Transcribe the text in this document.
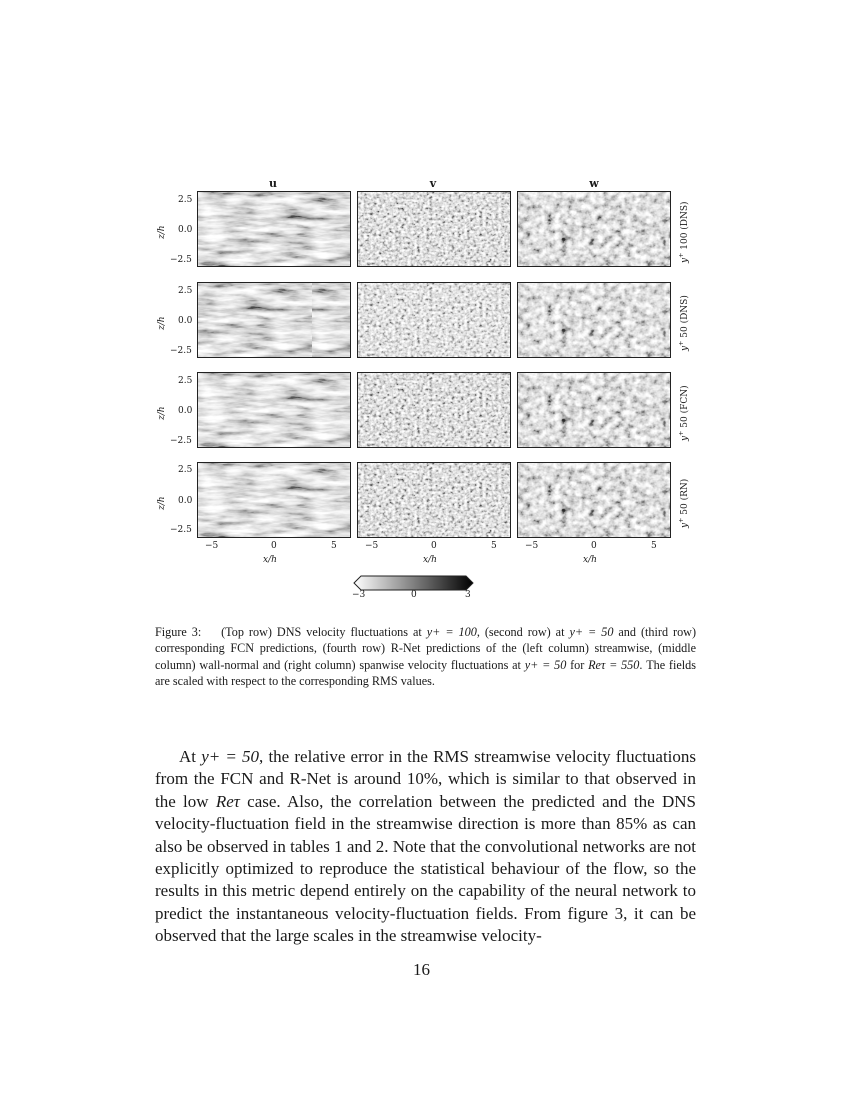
u	v	w
z/h
2.5
0.0
−2.5	y+ 100 (DNS)
z/h
2.5
0.0
−2.5	y+ 50 (DNS)
z/h
2.5
0.0
−2.5	y+ 50 (FCN)
z/h
2.5
0.0
−2.5	y+ 50 (RN)
−5	0	5	−5	0	5	−5	0	5
x/h	x/h	x/h
−3	0	3
Figure 3: (Top row) DNS velocity fluctuations at y+ = 100, (second row) at y+ = 50 and (third row) corresponding FCN predictions, (fourth row) R-Net predictions of the (left column) streamwise, (middle column) wall-normal and (right column) spanwise velocity fluctuations at y+ = 50 for Reτ = 550. The fields are scaled with respect to the corresponding RMS values.
At y+ = 50, the relative error in the RMS streamwise velocity fluctuations from the FCN and R-Net is around 10%, which is similar to that observed in the low Reτ case. Also, the correlation between the predicted and the DNS velocity-fluctuation field in the streamwise direction is more than 85% as can also be observed in tables 1 and 2. Note that the convolutional networks are not explicitly optimized to reproduce the statistical behaviour of the flow, so the results in this metric depend entirely on the capability of the neural network to predict the instantaneous velocity-fluctuation fields. From figure 3, it can be observed that the large scales in the streamwise velocity-
16
